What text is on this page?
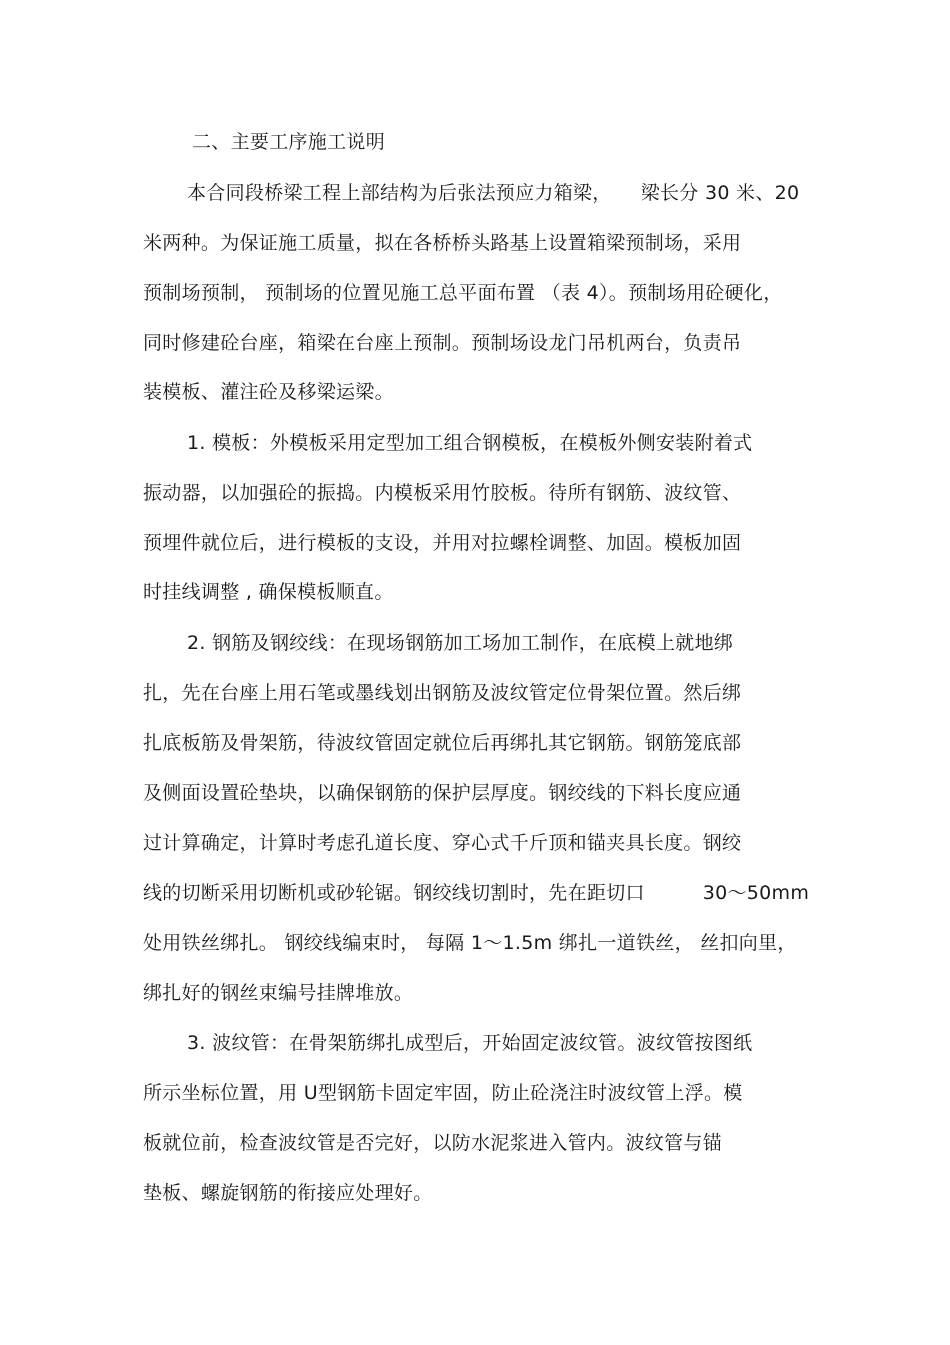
二、主要工序施工说明
本合同段桥梁工程上部结构为后张法预应力箱梁，　　梁长分 30 米、20
米两种。为保证施工质量，拟在各桥桥头路基上设置箱梁预制场，采用
预制场预制， 预制场的位置见施工总平面布置 （表 4）。预制场用砼硬化，
同时修建砼台座，箱梁在台座上预制。预制场设龙门吊机两台，负责吊
装模板、灌注砼及移梁运梁。
1. 模板：外模板采用定型加工组合钢模板，在模板外侧安装附着式
振动器，以加强砼的振捣。内模板采用竹胶板。待所有钢筋、波纹管、
预埋件就位后，进行模板的支设，并用对拉螺栓调整、加固。模板加固
时挂线调整 , 确保模板顺直。
2. 钢筋及钢绞线：在现场钢筋加工场加工制作，在底模上就地绑
扎，先在台座上用石笔或墨线划出钢筋及波纹管定位骨架位置。然后绑
扎底板筋及骨架筋，待波纹管固定就位后再绑扎其它钢筋。钢筋笼底部
及侧面设置砼垫块，以确保钢筋的保护层厚度。钢绞线的下料长度应通
过计算确定，计算时考虑孔道长度、穿心式千斤顶和锚夹具长度。钢绞
线的切断采用切断机或砂轮锯。钢绞线切割时，先在距切口　　　30～50mm
处用铁丝绑扎。 钢绞线编束时， 每隔 1～1.5m 绑扎一道铁丝， 丝扣向里，
绑扎好的钢丝束编号挂牌堆放。
3. 波纹管：在骨架筋绑扎成型后，开始固定波纹管。波纹管按图纸
所示坐标位置，用 U型钢筋卡固定牢固，防止砼浇注时波纹管上浮。模
板就位前，检查波纹管是否完好，以防水泥浆进入管内。波纹管与锚
垫板、螺旋钢筋的衔接应处理好。
